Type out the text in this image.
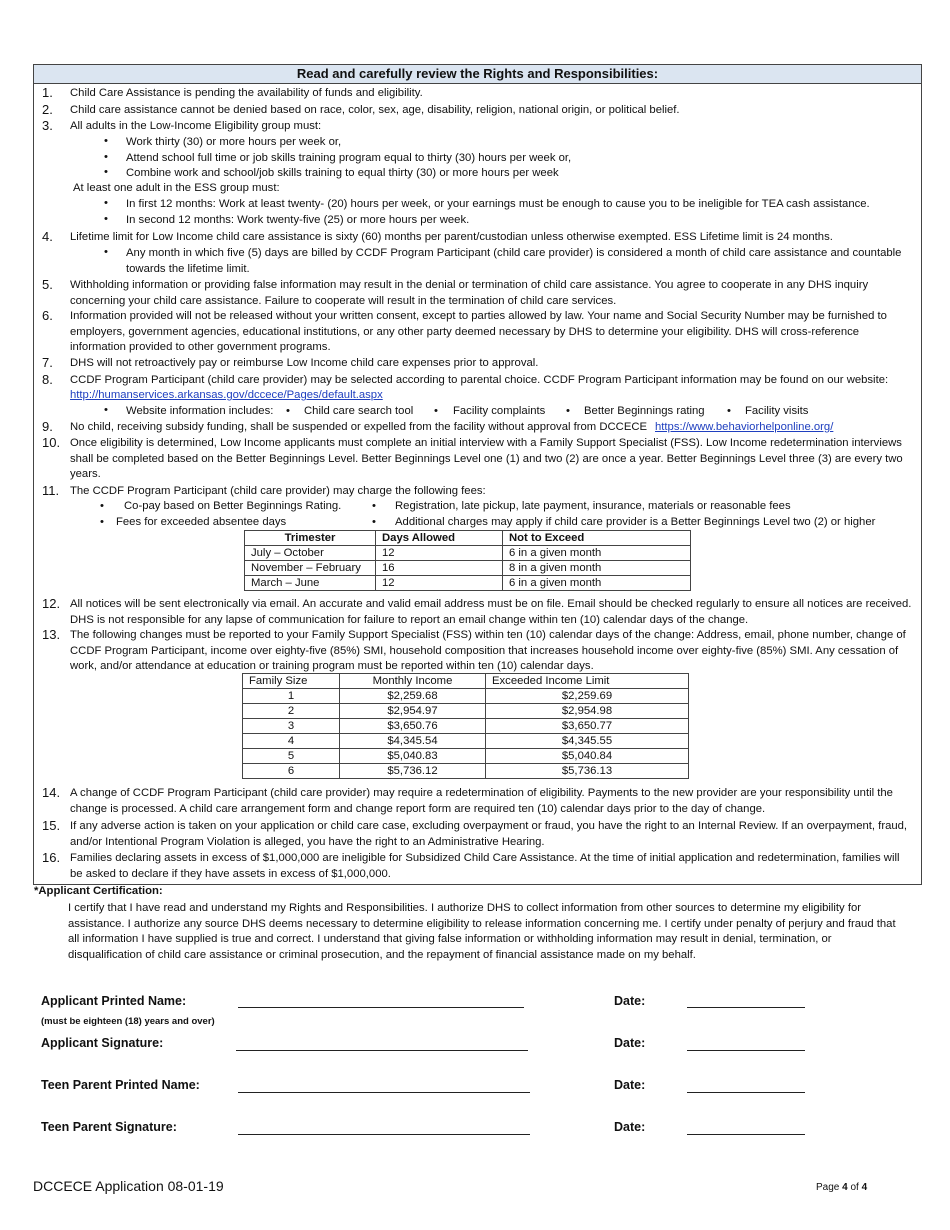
Read and carefully review the Rights and Responsibilities:
1. Child Care Assistance is pending the availability of funds and eligibility.
2. Child care assistance cannot be denied based on race, color, sex, age, disability, religion, national origin, or political belief.
3. All adults in the Low-Income Eligibility group must:
• Work thirty (30) or more hours per week or,
• Attend school full time or job skills training program equal to thirty (30) hours per week or,
• Combine work and school/job skills training to equal thirty (30) or more hours per week
At least one adult in the ESS group must:
• In first 12 months: Work at least twenty- (20) hours per week, or your earnings must be enough to cause you to be ineligible for TEA cash assistance.
• In second 12 months: Work twenty-five (25) or more hours per week.
4. Lifetime limit for Low Income child care assistance is sixty (60) months per parent/custodian unless otherwise exempted. ESS Lifetime limit is 24 months.
• Any month in which five (5) days are billed by CCDF Program Participant (child care provider) is considered a month of child care assistance and countable towards the lifetime limit.
5. Withholding information or providing false information may result in the denial or termination of child care assistance. You agree to cooperate in any DHS inquiry concerning your child care assistance. Failure to cooperate will result in the termination of child care services.
6. Information provided will not be released without your written consent, except to parties allowed by law. Your name and Social Security Number may be furnished to employers, government agencies, educational institutions, or any other party deemed necessary by DHS to determine your eligibility. DHS will cross-reference information provided to other government programs.
7. DHS will not retroactively pay or reimburse Low Income child care expenses prior to approval.
8. CCDF Program Participant (child care provider) may be selected according to parental choice. CCDF Program Participant information may be found on our website:
http://humanservices.arkansas.gov/dccece/Pages/default.aspx
• Website information includes: • Child care search tool • Facility complaints • Better Beginnings rating • Facility visits
9. No child, receiving subsidy funding, shall be suspended or expelled from the facility without approval from DCCECE https://www.behaviorhelponline.org/
10. Once eligibility is determined, Low Income applicants must complete an initial interview with a Family Support Specialist (FSS). Low Income redetermination interviews shall be completed based on the Better Beginnings Level. Better Beginnings Level one (1) and two (2) are once a year. Better Beginnings Level three (3) are every two years.
11. The CCDF Program Participant (child care provider) may charge the following fees:
• Co-pay based on Better Beginnings Rating.	• Registration, late pickup, late payment, insurance, materials or reasonable fees
• Fees for exceeded absentee days	• Additional charges may apply if child care provider is a Better Beginnings Level two (2) or higher
Trimester	Days Allowed	Not to Exceed
July – October	12	6 in a given month
November – February	16	8 in a given month
March – June	12	6 in a given month
12. All notices will be sent electronically via email. An accurate and valid email address must be on file. Email should be checked regularly to ensure all notices are received. DHS is not responsible for any lapse of communication for failure to report an email change within ten (10) calendar days of the change.
13. The following changes must be reported to your Family Support Specialist (FSS) within ten (10) calendar days of the change: Address, email, phone number, change of CCDF Program Participant, income over eighty-five (85%) SMI, household composition that increases household income over eighty-five (85%) SMI. Any cessation of work, and/or attendance at education or training program must be reported within ten (10) calendar days.
Family Size	Monthly Income	Exceeded Income Limit
1	$2,259.68	$2,259.69
2	$2,954.97	$2,954.98
3	$3,650.76	$3,650.77
4	$4,345.54	$4,345.55
5	$5,040.83	$5,040.84
6	$5,736.12	$5,736.13
14. A change of CCDF Program Participant (child care provider) may require a redetermination of eligibility. Payments to the new provider are your responsibility until the change is processed. A child care arrangement form and change report form are required ten (10) calendar days prior to the day of change.
15. If any adverse action is taken on your application or child care case, excluding overpayment or fraud, you have the right to an Internal Review. If an overpayment, fraud, and/or Intentional Program Violation is alleged, you have the right to an Administrative Hearing.
16. Families declaring assets in excess of $1,000,000 are ineligible for Subsidized Child Care Assistance. At the time of initial application and redetermination, families will be asked to declare if they have assets in excess of $1,000,000.
*Applicant Certification:
I certify that I have read and understand my Rights and Responsibilities. I authorize DHS to collect information from other sources to determine my eligibility for assistance. I authorize any source DHS deems necessary to determine eligibility to release information concerning me. I certify under penalty of perjury and fraud that all information I have supplied is true and correct. I understand that giving false information or withholding information may result in denial, termination, or disqualification of child care assistance or criminal prosecution, and the repayment of financial assistance made on my behalf.
Applicant Printed Name:
(must be eighteen (18) years and over)
Date:
Applicant Signature:	Date:
Teen Parent Printed Name:	Date:
Teen Parent Signature:	Date:
DCCECE Application 08-01-19	Page 4 of 4
